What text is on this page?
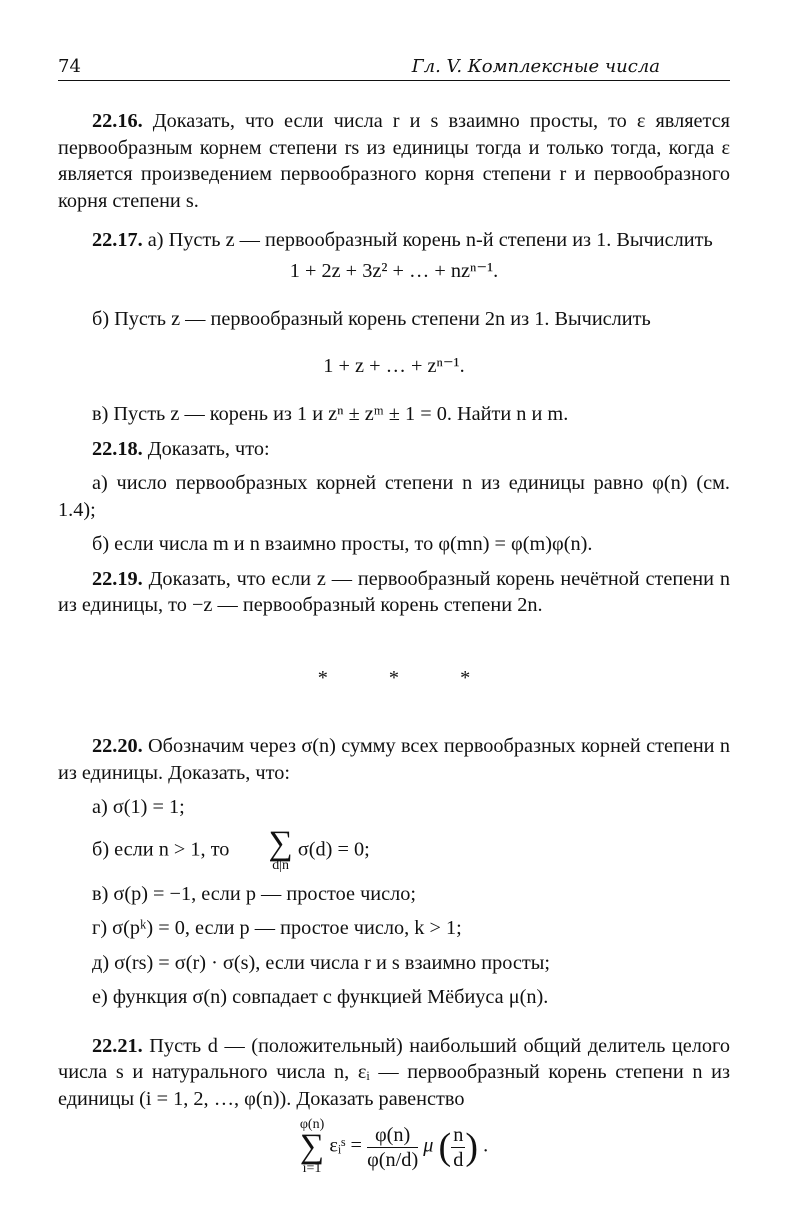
74	Гл. V. Комплексные числа

22.16. Доказать, что если числа r и s взаимно просты, то ε является первообразным корнем степени rs из единицы тогда и только тогда, когда ε является произведением первообразного корня степени r и первообразного корня степени s.

22.17. а) Пусть z — первообразный корень n-й степени из 1. Вычислить

1 + 2z + 3z² + … + nzⁿ⁻¹.

б) Пусть z — первообразный корень степени 2n из 1. Вычислить

1 + z + … + zⁿ⁻¹.

в) Пусть z — корень из 1 и zⁿ ± zᵐ ± 1 = 0. Найти n и m.

22.18. Доказать, что:

а) число первообразных корней степени n из единицы равно φ(n) (см. 1.4);

б) если числа m и n взаимно просты, то φ(mn) = φ(m)φ(n).

22.19. Доказать, что если z — первообразный корень нечётной степени n из единицы, то −z — первообразный корень степени 2n.

* * *

22.20. Обозначим через σ(n) сумму всех первообразных корней степени n из единицы. Доказать, что:

а) σ(1) = 1;

б) если n > 1, то	∑
d|n
σ(d) = 0;

в) σ(p) = −1, если p — простое число;

г) σ(pᵏ) = 0, если p — простое число, k > 1;

д) σ(rs) = σ(r) · σ(s), если числа r и s взаимно просты;

е) функция σ(n) совпадает с функцией Мёбиуса μ(n).

22.21. Пусть d — (положительный) наибольший общий делитель целого числа s и натурального числа n, εᵢ — первообразный корень степени n из единицы (i = 1, 2, …, φ(n)). Доказать равенство

φ(n)
∑
i=1
εᵢˢ = $\frac{\varphi(n)}{\varphi(n/d)}$ μ ( $\frac{n}{d}$ ) .
